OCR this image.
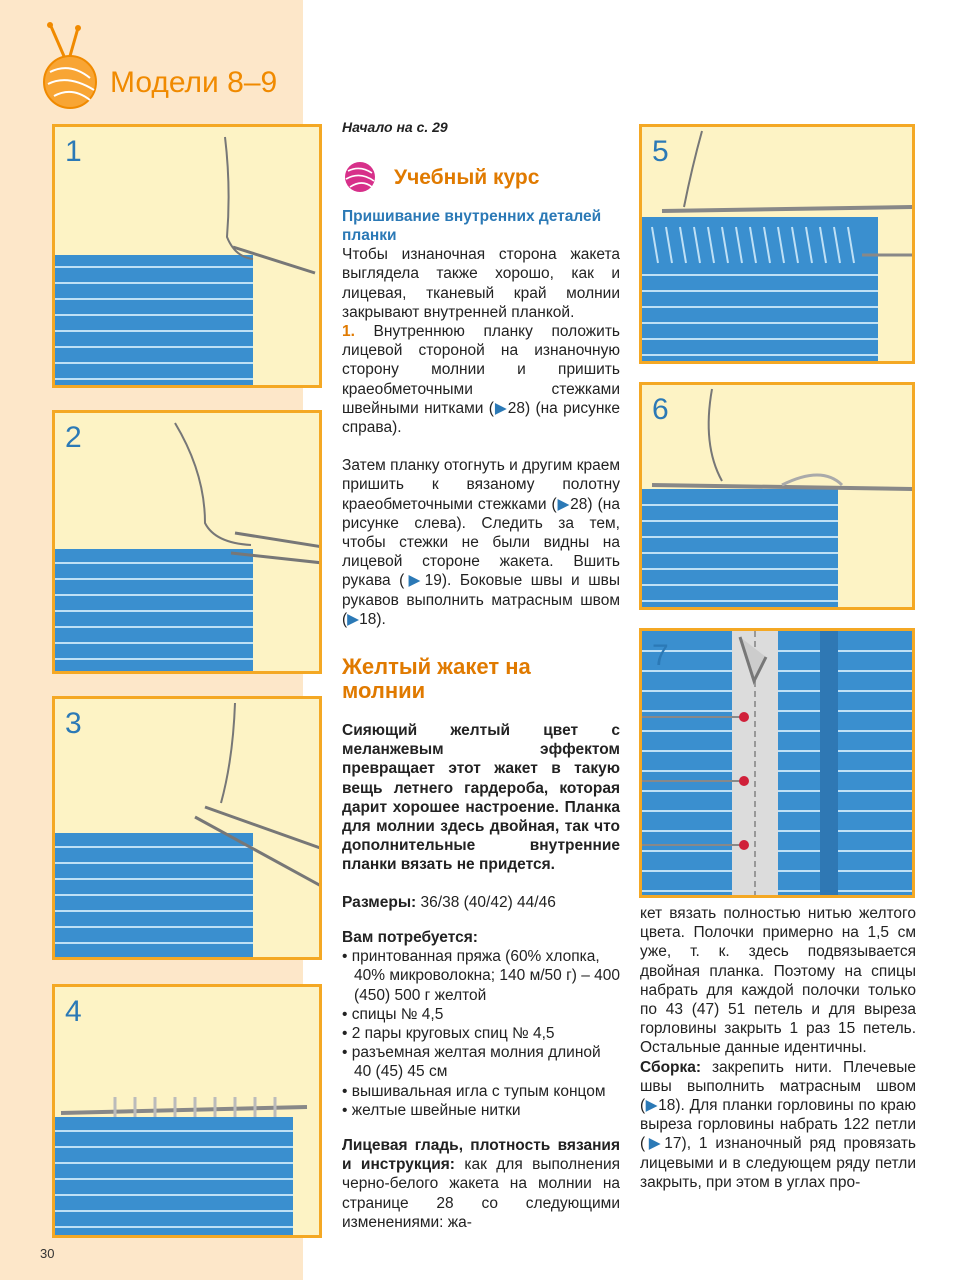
Модели 8–9
1
2
3
4

Начало на с. 29

Учебный курс

Пришивание внутренних деталей планки

Чтобы изнаночная сторона жакета выглядела также хорошо, как и лицевая, тканевый край молнии закрывают внутренней планкой.

1. Внутреннюю планку положить лицевой стороной на изнаночную сторону молнии и пришить краеобметочными стежками швейными нитками (▶28) (на рисунке справа).

Затем планку отогнуть и другим краем пришить к вязаному полотну краеобметочными стежками (▶28) (на рисунке слева). Следить за тем, чтобы стежки не были видны на лицевой стороне жакета. Вшить рукава (▶19). Боковые швы и швы рукавов выполнить матрасным швом (▶18).

Желтый жакет на молнии

Сияющий желтый цвет с меланжевым эффектом превращает этот жакет в такую вещь летнего гардероба, которая дарит хорошее настроение. Планка для молнии здесь двойная, так что дополнительные внутренние планки вязать не придется.

Размеры: 36/38 (40/42) 44/46

Вам потребуется:

• принтованная пряжа (60% хлопка, 40% микроволокна; 140 м/50 г) – 400 (450) 500 г желтой
• спицы № 4,5
• 2 пары круговых спиц № 4,5
• разъемная желтая молния длиной 40 (45) 45 см
• вышивальная игла с тупым концом
• желтые швейные нитки

Лицевая гладь, плотность вязания и инструкция: как для выполнения черно-белого жакета на молнии на странице 28 со следующими изменениями: жа-

5
6
7

кет вязать полностью нитью желтого цвета. Полочки примерно на 1,5 см уже, т. к. здесь подвязывается двойная планка. Поэтому на спицы набрать для каждой полочки только по 43 (47) 51 петель и для выреза горловины закрыть 1 раз 15 петель. Остальные данные идентичны.

Сборка: закрепить нити. Плечевые швы выполнить матрасным швом (▶18). Для планки горловины по краю выреза горловины набрать 122 петли (▶17), 1 изнаночный ряд провязать лицевыми и в следующем ряду петли закрыть, при этом в углах про-

30
